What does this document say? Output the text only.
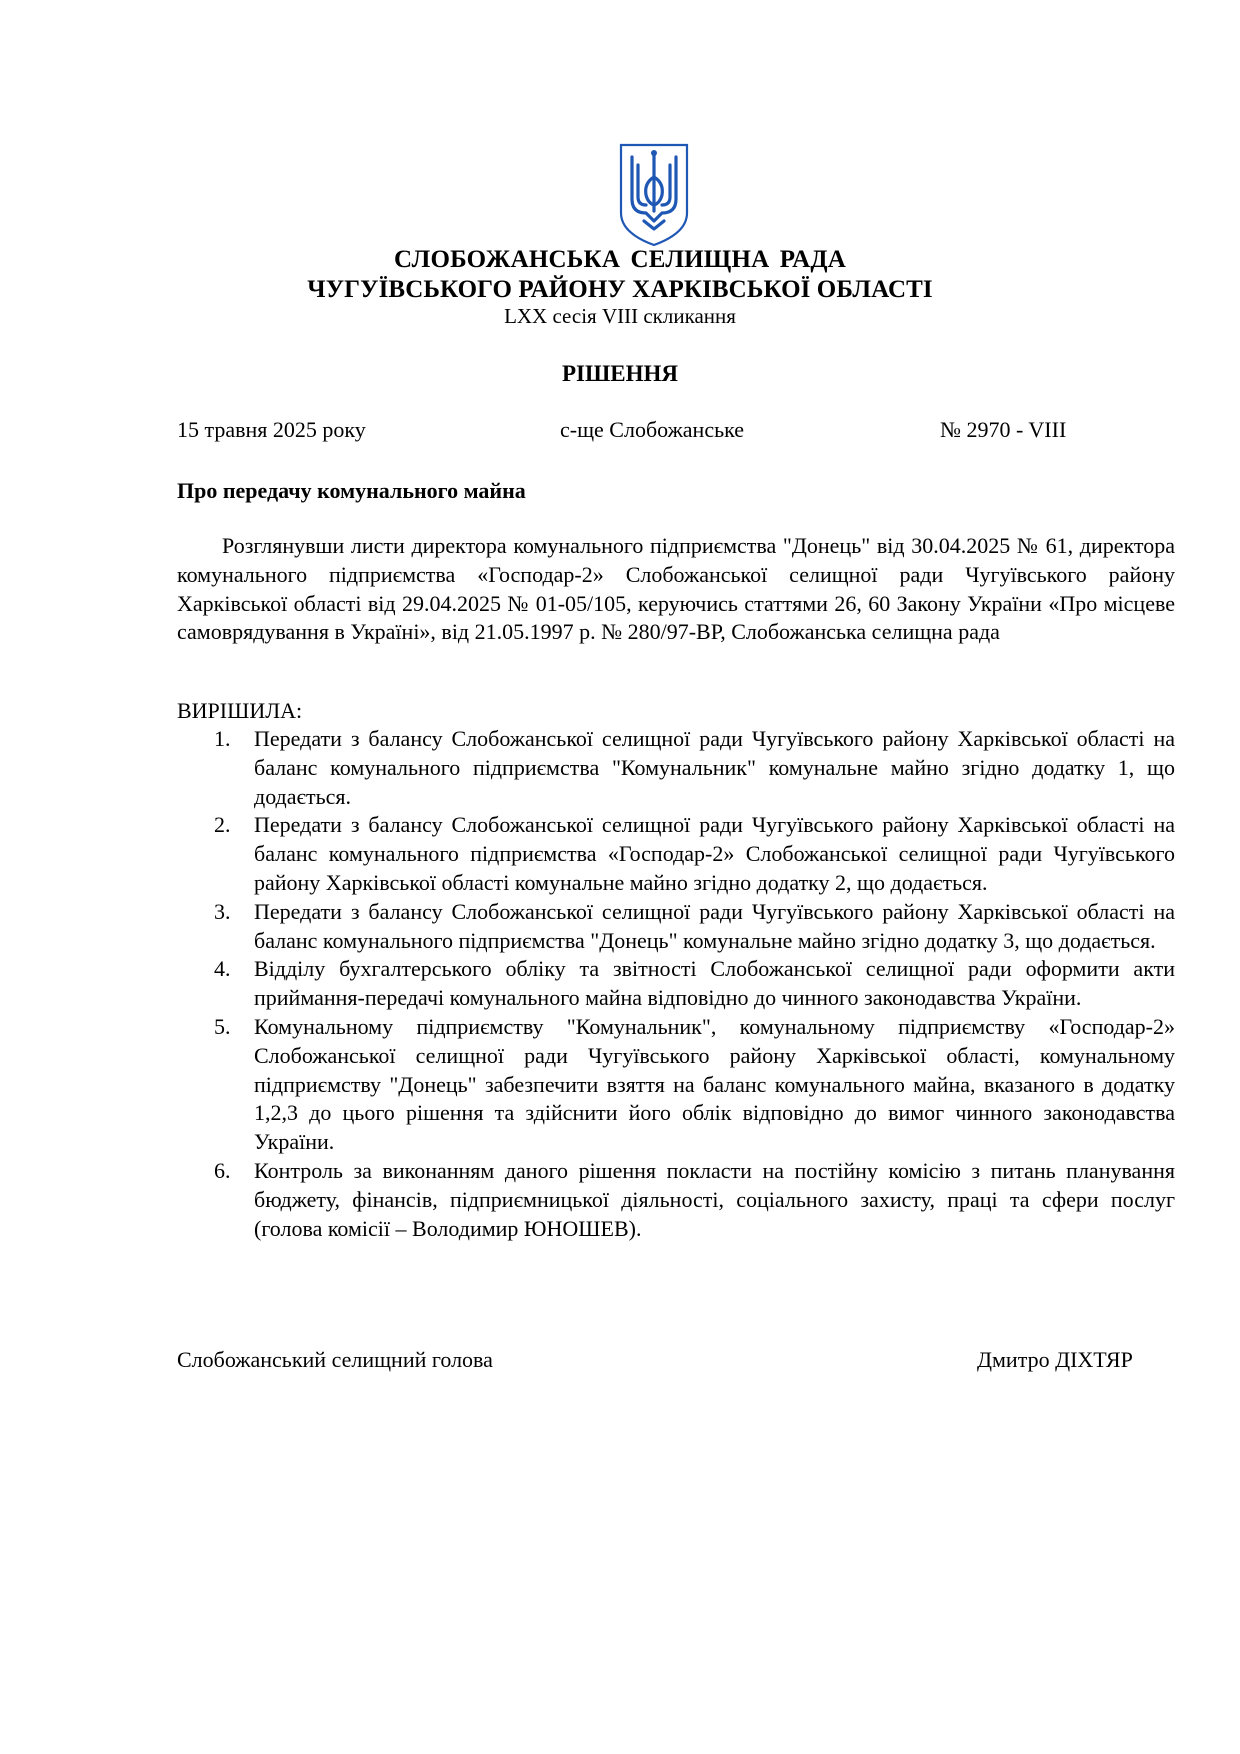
СЛОБОЖАНСЬКА СЕЛИЩНА РАДА
ЧУГУЇВСЬКОГО РАЙОНУ ХАРКІВСЬКОЇ ОБЛАСТІ
LXX сесія VIII скликання
РІШЕННЯ
15 травня 2025 року	с-ще Слобожанське	№ 2970 - VIII
Про передачу комунального майна

Розглянувши листи директора комунального підприємства "Донець" від 30.04.2025 № 61, директора комунального підприємства «Господар-2» Слобожанської селищної ради Чугуївського району Харківської області від 29.04.2025 № 01-05/105, керуючись статтями 26, 60 Закону України «Про місцеве самоврядування в Україні», від 21.05.1997 р. № 280/97-ВР, Слобожанська селищна рада

ВИРІШИЛА:
1. Передати з балансу Слобожанської селищної ради Чугуївського району Харківської області на баланс комунального підприємства "Комунальник" комунальне майно згідно додатку 1, що додається.
2. Передати з балансу Слобожанської селищної ради Чугуївського району Харківської області на баланс комунального підприємства «Господар-2» Слобожанської селищної ради Чугуївського району Харківської області комунальне майно згідно додатку 2, що додається.
3. Передати з балансу Слобожанської селищної ради Чугуївського району Харківської області на баланс комунального підприємства "Донець" комунальне майно згідно додатку 3, що додається.
4. Відділу бухгалтерського обліку та звітності Слобожанської селищної ради оформити акти приймання-передачі комунального майна відповідно до чинного законодавства України.
5. Комунальному підприємству "Комунальник", комунальному підприємству «Господар-2» Слобожанської селищної ради Чугуївського району Харківської області, комунальному підприємству "Донець" забезпечити взяття на баланс комунального майна, вказаного в додатку 1,2,3 до цього рішення та здійснити його облік відповідно до вимог чинного законодавства України.
6. Контроль за виконанням даного рішення покласти на постійну комісію з питань планування бюджету, фінансів, підприємницької діяльності, соціального захисту, праці та сфери послуг (голова комісії – Володимир ЮНОШЕВ).
Слобожанський селищний голова	Дмитро ДІХТЯР
